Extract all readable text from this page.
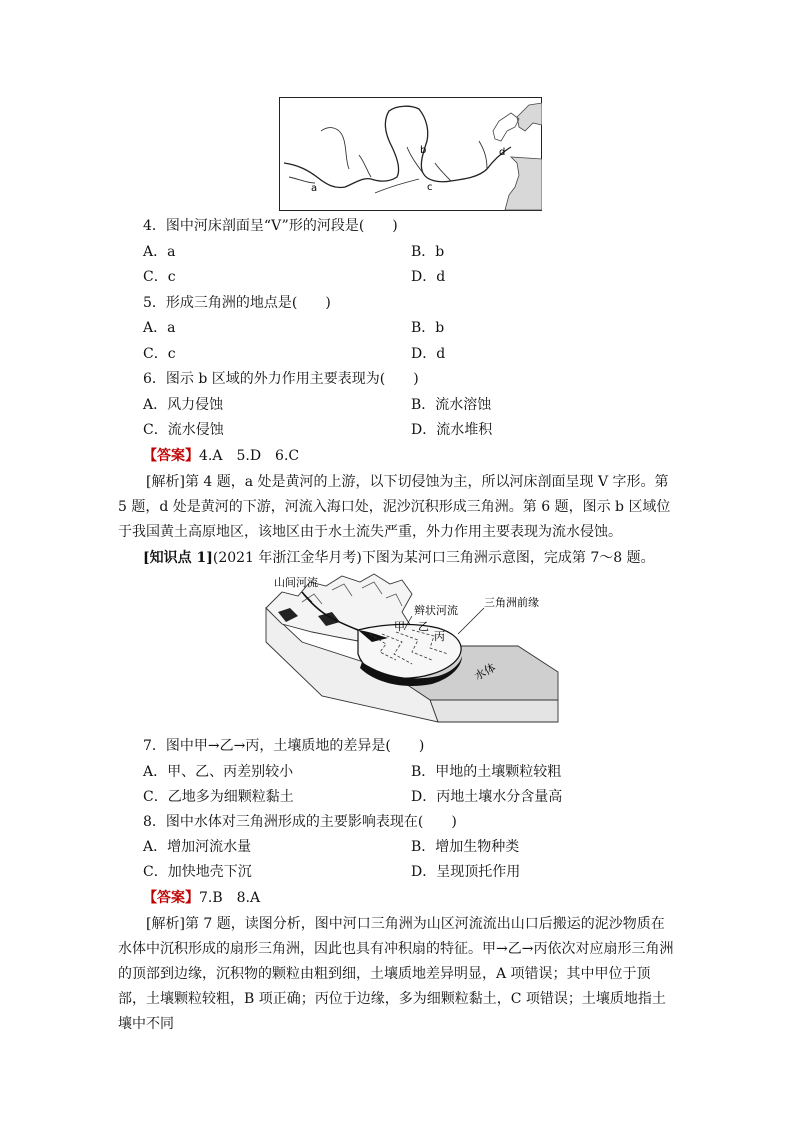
a
b
c
d
4．图中河床剖面呈“V”形的河段是(　　)
A．a	B．b
C．c	D．d
5．形成三角洲的地点是(　　)
A．a	B．b
C．c	D．d
6．图示 b 区域的外力作用主要表现为(　　)
A．风力侵蚀	B．流水溶蚀
C．流水侵蚀	D．流水堆积
【答案】4.A　5.D　6.C
[解析]第 4 题，a 处是黄河的上游，以下切侵蚀为主，所以河床剖面呈现 V 字形。第 5 题，d 处是黄河的下游，河流入海口处，泥沙沉积形成三角洲。第 6 题，图示 b 区域位于我国黄土高原地区，该地区由于水土流失严重，外力作用主要表现为流水侵蚀。
[知识点 1](2021 年浙江金华月考)下图为某河口三角洲示意图，完成第 7～8 题。
山间河流
辫状河流
三角洲前缘
甲 乙
丙
水体
7．图中甲→乙→丙，土壤质地的差异是(　　)
A．甲、乙、丙差别较小	B．甲地的土壤颗粒较粗
C．乙地多为细颗粒黏土	D．丙地土壤水分含量高
8．图中水体对三角洲形成的主要影响表现在(　　)
A．增加河流水量	B．增加生物种类
C．加快地壳下沉	D．呈现顶托作用
【答案】7.B　8.A
[解析]第 7 题，读图分析，图中河口三角洲为山区河流流出山口后搬运的泥沙物质在水体中沉积形成的扇形三角洲，因此也具有冲积扇的特征。甲→乙→丙依次对应扇形三角洲的顶部到边缘，沉积物的颗粒由粗到细，土壤质地差异明显，A 项错误；其中甲位于顶部，土壤颗粒较粗，B 项正确；丙位于边缘，多为细颗粒黏土，C 项错误；土壤质地指土壤中不同
